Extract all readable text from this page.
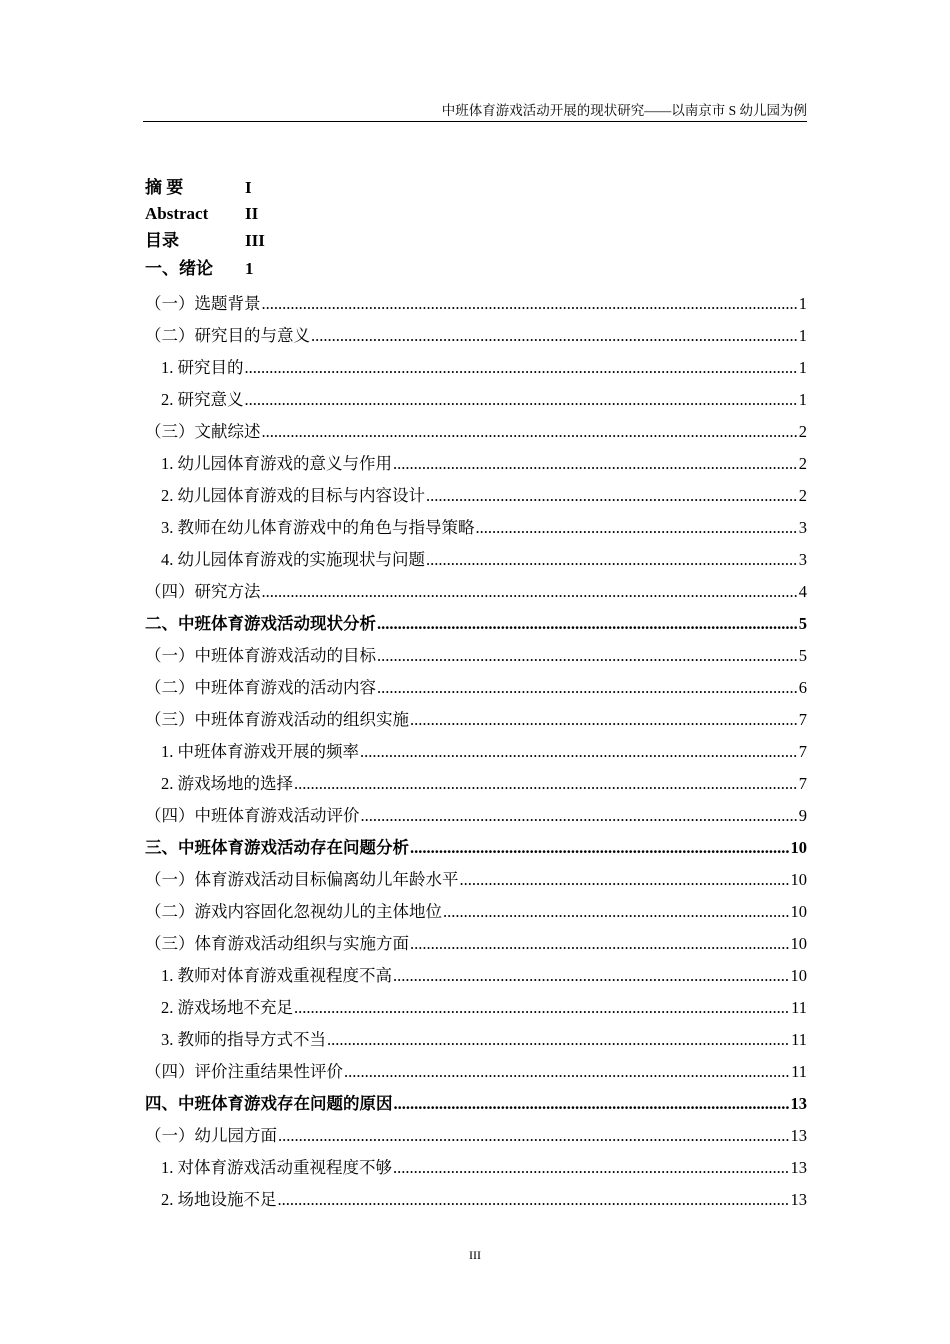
中班体育游戏活动开展的现状研究——以南京市 S 幼儿园为例
摘 要	I
Abstract II
目录	III
一、绪论 1
（一）选题背景 .....	1
（二）研究目的与意义 .....	1
1. 研究目的 .....	1
2. 研究意义 .....	1
（三）文献综述 .....	2
1. 幼儿园体育游戏的意义与作用 .....	2
2. 幼儿园体育游戏的目标与内容设计 .....	2
3. 教师在幼儿体育游戏中的角色与指导策略 .....	3
4. 幼儿园体育游戏的实施现状与问题 .....	3
（四）研究方法 .....	4
二、中班体育游戏活动现状分析 .....	5
（一）中班体育游戏活动的目标 .....	5
（二）中班体育游戏的活动内容 .....	6
（三）中班体育游戏活动的组织实施 .....	7
1. 中班体育游戏开展的频率 .....	7
2. 游戏场地的选择 .....	7
（四）中班体育游戏活动评价 .....	9
三、中班体育游戏活动存在问题分析 .....	10
（一）体育游戏活动目标偏离幼儿年龄水平 .....	10
（二）游戏内容固化忽视幼儿的主体地位 .....	10
（三）体育游戏活动组织与实施方面 .....	10
1. 教师对体育游戏重视程度不高 .....	10
2. 游戏场地不充足 .....	11
3. 教师的指导方式不当 .....	11
（四）评价注重结果性评价 .....	11
四、中班体育游戏存在问题的原因 .....	13
（一）幼儿园方面 .....	13
1. 对体育游戏活动重视程度不够 .....	13
2. 场地设施不足 .....	13
III
